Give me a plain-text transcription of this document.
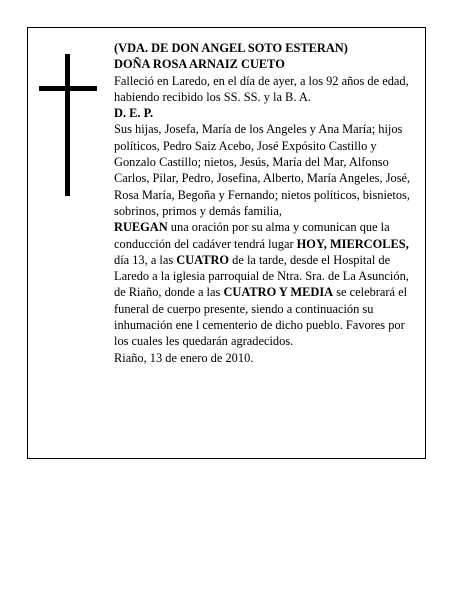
(VDA. DE DON ANGEL SOTO ESTERAN)

DOÑA ROSA ARNAIZ CUETO

Falleció en Laredo, en el día de ayer, a los 92 años de edad, habiendo recibido los SS. SS. y la B. A.

D. E. P.

Sus hijas, Josefa, María de los Angeles y Ana María; hijos políticos, Pedro Saiz Acebo, José Expósito Castillo y Gonzalo Castillo; nietos, Jesús, María del Mar, Alfonso Carlos, Pilar, Pedro, Josefina, Alberto, María Angeles, José, Rosa María, Begoña y Fernando; nietos políticos, bisnietos, sobrinos, primos y demás familia,

RUEGAN una oración por su alma y comunican que la conducción del cadáver tendrá lugar HOY, MIERCOLES, día 13, a las CUATRO de la tarde, desde el Hospital de Laredo a la iglesia parroquial de Ntra. Sra. de La Asunción, de Riaño, donde a las CUATRO Y MEDIA se celebrará el funeral de cuerpo presente, siendo a continuación su inhumación ene l cementerio de dicho pueblo. Favores por los cuales les quedarán agradecidos.

Riaño, 13 de enero de 2010.
